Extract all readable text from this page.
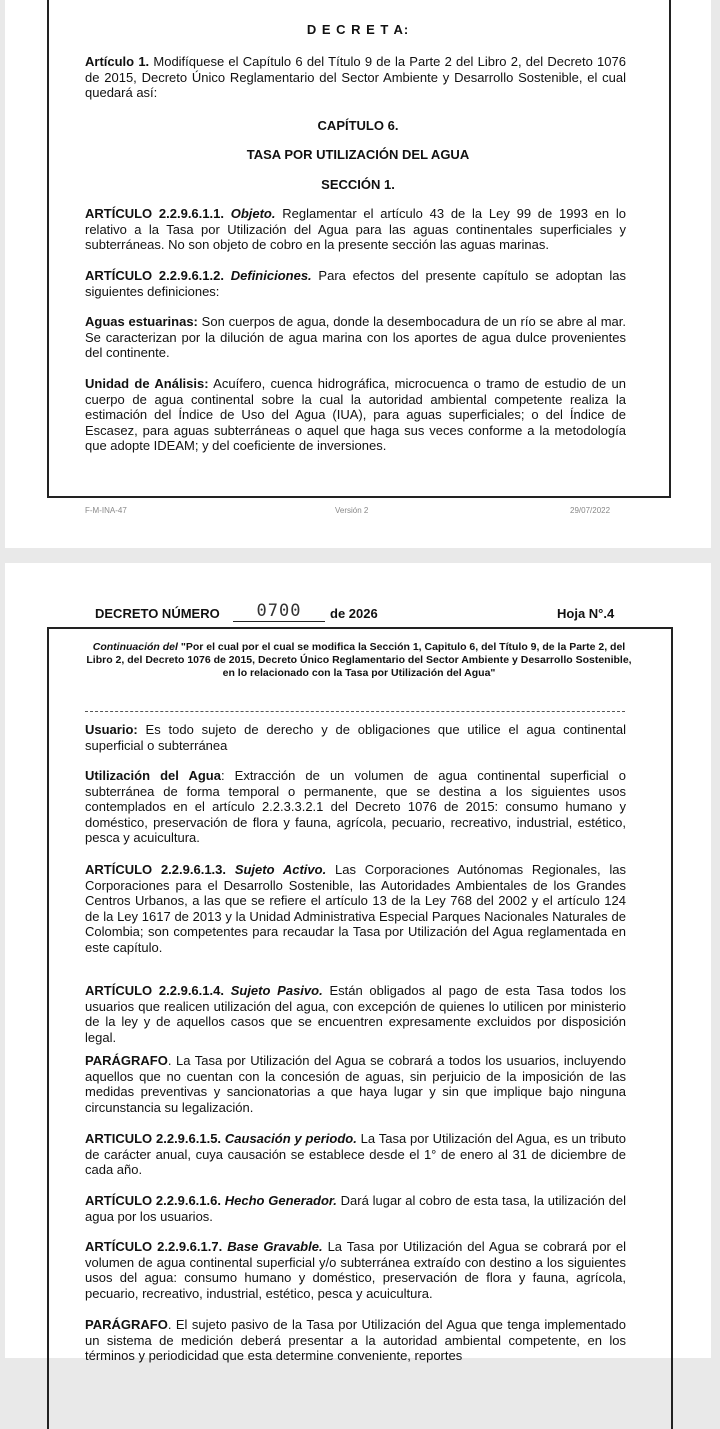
D E C R E T A:

Artículo 1. Modifíquese el Capítulo 6 del Título 9 de la Parte 2 del Libro 2, del Decreto 1076 de 2015, Decreto Único Reglamentario del Sector Ambiente y Desarrollo Sostenible, el cual quedará así:

CAPÍTULO 6.
TASA POR UTILIZACIÓN DEL AGUA
SECCIÓN 1.

ARTÍCULO 2.2.9.6.1.1. Objeto. Reglamentar el artículo 43 de la Ley 99 de 1993 en lo relativo a la Tasa por Utilización del Agua para las aguas continentales superficiales y subterráneas. No son objeto de cobro en la presente sección las aguas marinas.

ARTÍCULO 2.2.9.6.1.2. Definiciones. Para efectos del presente capítulo se adoptan las siguientes definiciones:

Aguas estuarinas: Son cuerpos de agua, donde la desembocadura de un río se abre al mar. Se caracterizan por la dilución de agua marina con los aportes de agua dulce provenientes del continente.

Unidad de Análisis: Acuífero, cuenca hidrográfica, microcuenca o tramo de estudio de un cuerpo de agua continental sobre la cual la autoridad ambiental competente realiza la estimación del Índice de Uso del Agua (IUA), para aguas superficiales; o del Índice de Escasez, para aguas subterráneas o aquel que haga sus veces conforme a la metodología que adopte IDEAM; y del coeficiente de inversiones.

F-M-INA-47	Versión 2	29/07/2022
DECRETO NÚMERO	0700	de 2026	Hoja N°.4
Continuación del "Por el cual por el cual se modifica la Sección 1, Capitulo 6, del Título 9, de la Parte 2, del Libro 2, del Decreto 1076 de 2015, Decreto Único Reglamentario del Sector Ambiente y Desarrollo Sostenible, en lo relacionado con la Tasa por Utilización del Agua"

Usuario: Es todo sujeto de derecho y de obligaciones que utilice el agua continental superficial o subterránea

Utilización del Agua: Extracción de un volumen de agua continental superficial o subterránea de forma temporal o permanente, que se destina a los siguientes usos contemplados en el artículo 2.2.3.3.2.1 del Decreto 1076 de 2015: consumo humano y doméstico, preservación de flora y fauna, agrícola, pecuario, recreativo, industrial, estético, pesca y acuicultura.

ARTÍCULO 2.2.9.6.1.3. Sujeto Activo. Las Corporaciones Autónomas Regionales, las Corporaciones para el Desarrollo Sostenible, las Autoridades Ambientales de los Grandes Centros Urbanos, a las que se refiere el artículo 13 de la Ley 768 del 2002 y el artículo 124 de la Ley 1617 de 2013 y la Unidad Administrativa Especial Parques Nacionales Naturales de Colombia; son competentes para recaudar la Tasa por Utilización del Agua reglamentada en este capítulo.

ARTÍCULO 2.2.9.6.1.4. Sujeto Pasivo. Están obligados al pago de esta Tasa todos los usuarios que realicen utilización del agua, con excepción de quienes lo utilicen por ministerio de la ley y de aquellos casos que se encuentren expresamente excluidos por disposición legal.

PARÁGRAFO. La Tasa por Utilización del Agua se cobrará a todos los usuarios, incluyendo aquellos que no cuentan con la concesión de aguas, sin perjuicio de la imposición de las medidas preventivas y sancionatorias a que haya lugar y sin que implique bajo ninguna circunstancia su legalización.

ARTICULO 2.2.9.6.1.5. Causación y periodo. La Tasa por Utilización del Agua, es un tributo de carácter anual, cuya causación se establece desde el 1° de enero al 31 de diciembre de cada año.

ARTÍCULO 2.2.9.6.1.6. Hecho Generador. Dará lugar al cobro de esta tasa, la utilización del agua por los usuarios.

ARTÍCULO 2.2.9.6.1.7. Base Gravable. La Tasa por Utilización del Agua se cobrará por el volumen de agua continental superficial y/o subterránea extraído con destino a los siguientes usos del agua: consumo humano y doméstico, preservación de flora y fauna, agrícola, pecuario, recreativo, industrial, estético, pesca y acuicultura.

PARÁGRAFO. El sujeto pasivo de la Tasa por Utilización del Agua que tenga implementado un sistema de medición deberá presentar a la autoridad ambiental competente, en los términos y periodicidad que esta determine conveniente, reportes
